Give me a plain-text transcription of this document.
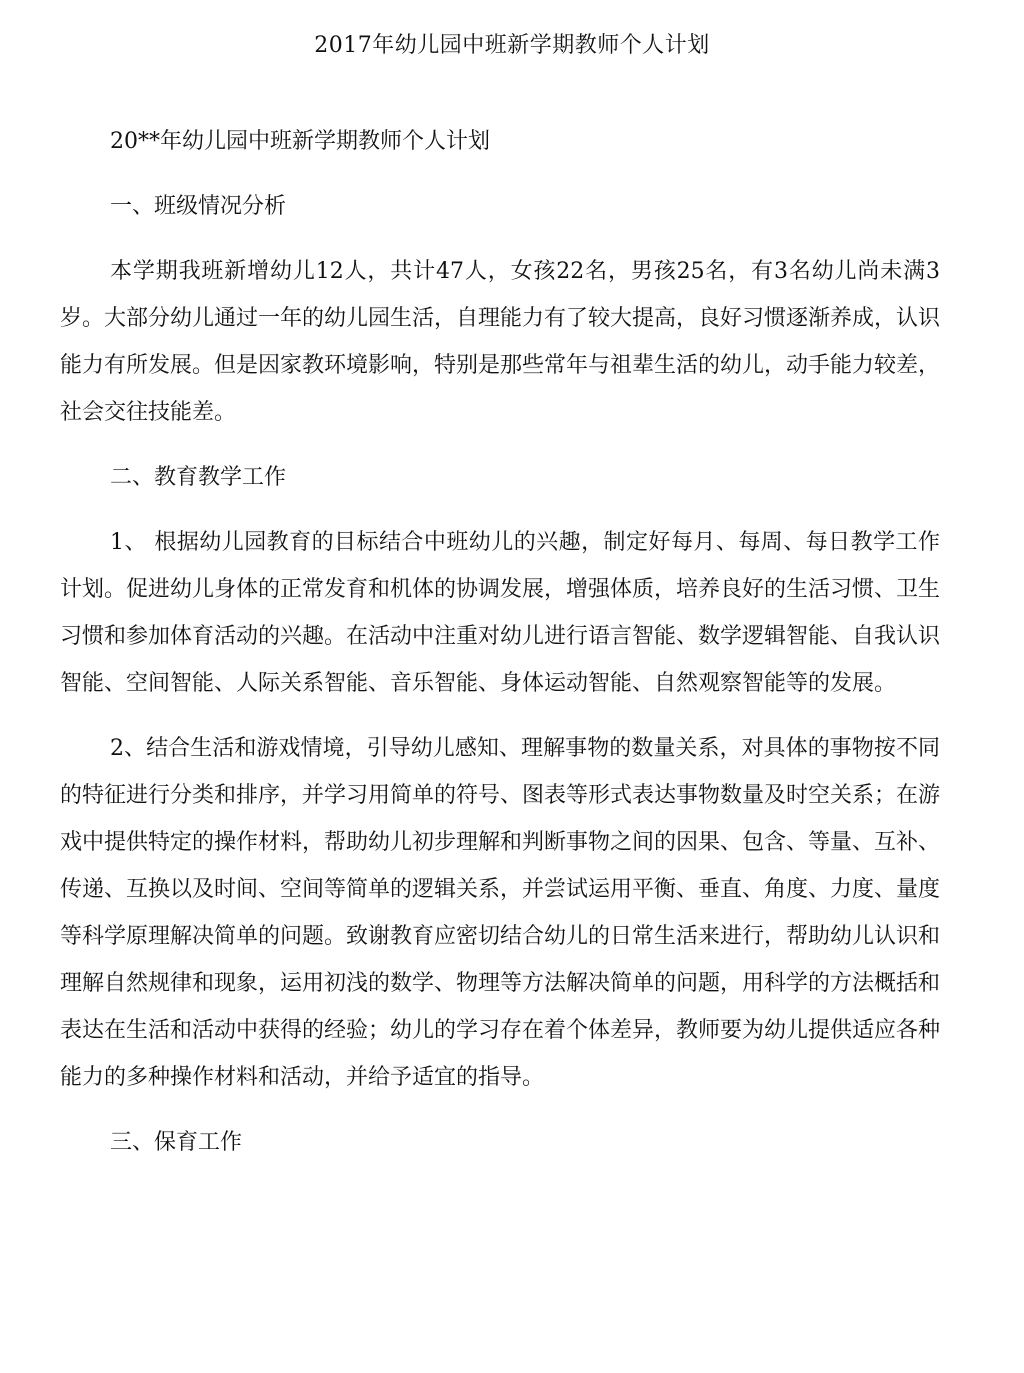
2017年幼儿园中班新学期教师个人计划

20**年幼儿园中班新学期教师个人计划

一、班级情况分析

本学期我班新增幼儿12人，共计47人，女孩22名，男孩25名，有3名幼儿尚未满3岁。大部分幼儿通过一年的幼儿园生活，自理能力有了较大提高，良好习惯逐渐养成，认识能力有所发展。但是因家教环境影响，特别是那些常年与祖辈生活的幼儿，动手能力较差，社会交往技能差。

二、教育教学工作

1、 根据幼儿园教育的目标结合中班幼儿的兴趣，制定好每月、每周、每日教学工作计划。促进幼儿身体的正常发育和机体的协调发展，增强体质，培养良好的生活习惯、卫生习惯和参加体育活动的兴趣。在活动中注重对幼儿进行语言智能、数学逻辑智能、自我认识智能、空间智能、人际关系智能、音乐智能、身体运动智能、自然观察智能等的发展。

2、结合生活和游戏情境，引导幼儿感知、理解事物的数量关系，对具体的事物按不同的特征进行分类和排序，并学习用简单的符号、图表等形式表达事物数量及时空关系；在游戏中提供特定的操作材料，帮助幼儿初步理解和判断事物之间的因果、包含、等量、互补、传递、互换以及时间、空间等简单的逻辑关系，并尝试运用平衡、垂直、角度、力度、量度等科学原理解决简单的问题。致谢教育应密切结合幼儿的日常生活来进行，帮助幼儿认识和理解自然规律和现象，运用初浅的数学、物理等方法解决简单的问题，用科学的方法概括和表达在生活和活动中获得的经验；幼儿的学习存在着个体差异，教师要为幼儿提供适应各种能力的多种操作材料和活动，并给予适宜的指导。

三、保育工作
